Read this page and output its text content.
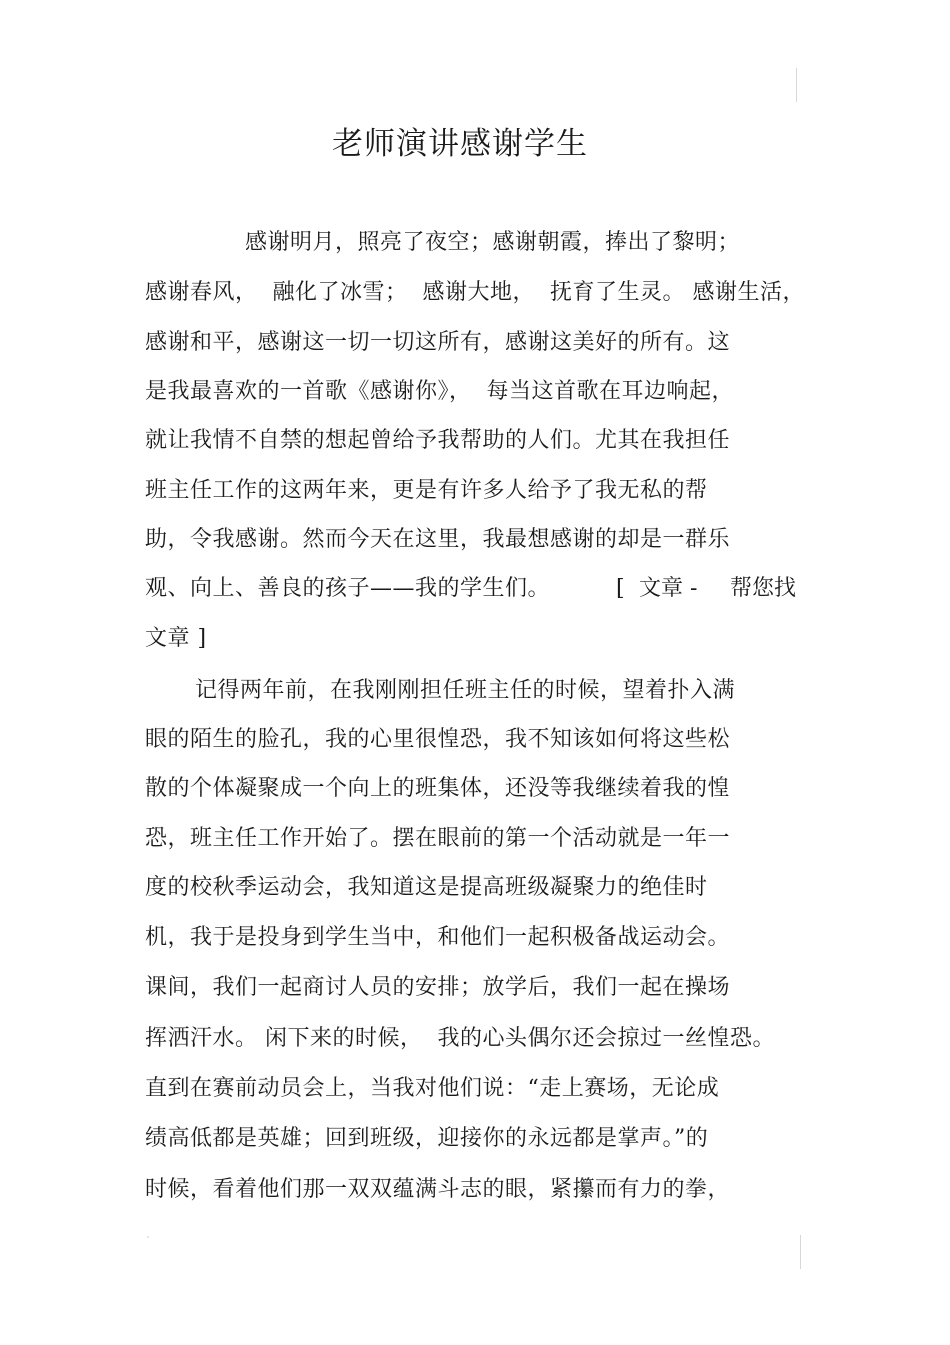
老师演讲感谢学生
感谢明月，照亮了夜空；感谢朝霞，捧出了黎明；
感谢春风，  融化了冰雪；  感谢大地，  抚育了生灵。 感谢生活，
感谢和平，感谢这一切一切这所有，感谢这美好的所有。这
是我最喜欢的一首歌《感谢你》，  每当这首歌在耳边响起，
就让我情不自禁的想起曾给予我帮助的人们。尤其在我担任
班主任工作的这两年来，更是有许多人给予了我无私的帮
助，令我感谢。然而今天在这里，我最想感谢的却是一群乐
观、向上、善良的孩子——我的学生们。	[ 文章 - 帮您找
文章 ]
记得两年前，在我刚刚担任班主任的时候，望着扑入满
眼的陌生的脸孔，我的心里很惶恐，我不知该如何将这些松
散的个体凝聚成一个向上的班集体，还没等我继续着我的惶
恐，班主任工作开始了。摆在眼前的第一个活动就是一年一
度的校秋季运动会，我知道这是提高班级凝聚力的绝佳时
机，我于是投身到学生当中，和他们一起积极备战运动会。
课间，我们一起商讨人员的安排；放学后，我们一起在操场
挥洒汗水。 闲下来的时候，  我的心头偶尔还会掠过一丝惶恐。
直到在赛前动员会上，当我对他们说：“走上赛场，无论成
绩高低都是英雄；回到班级，迎接你的永远都是掌声。”的
时候，看着他们那一双双蕴满斗志的眼，紧攥而有力的拳，
